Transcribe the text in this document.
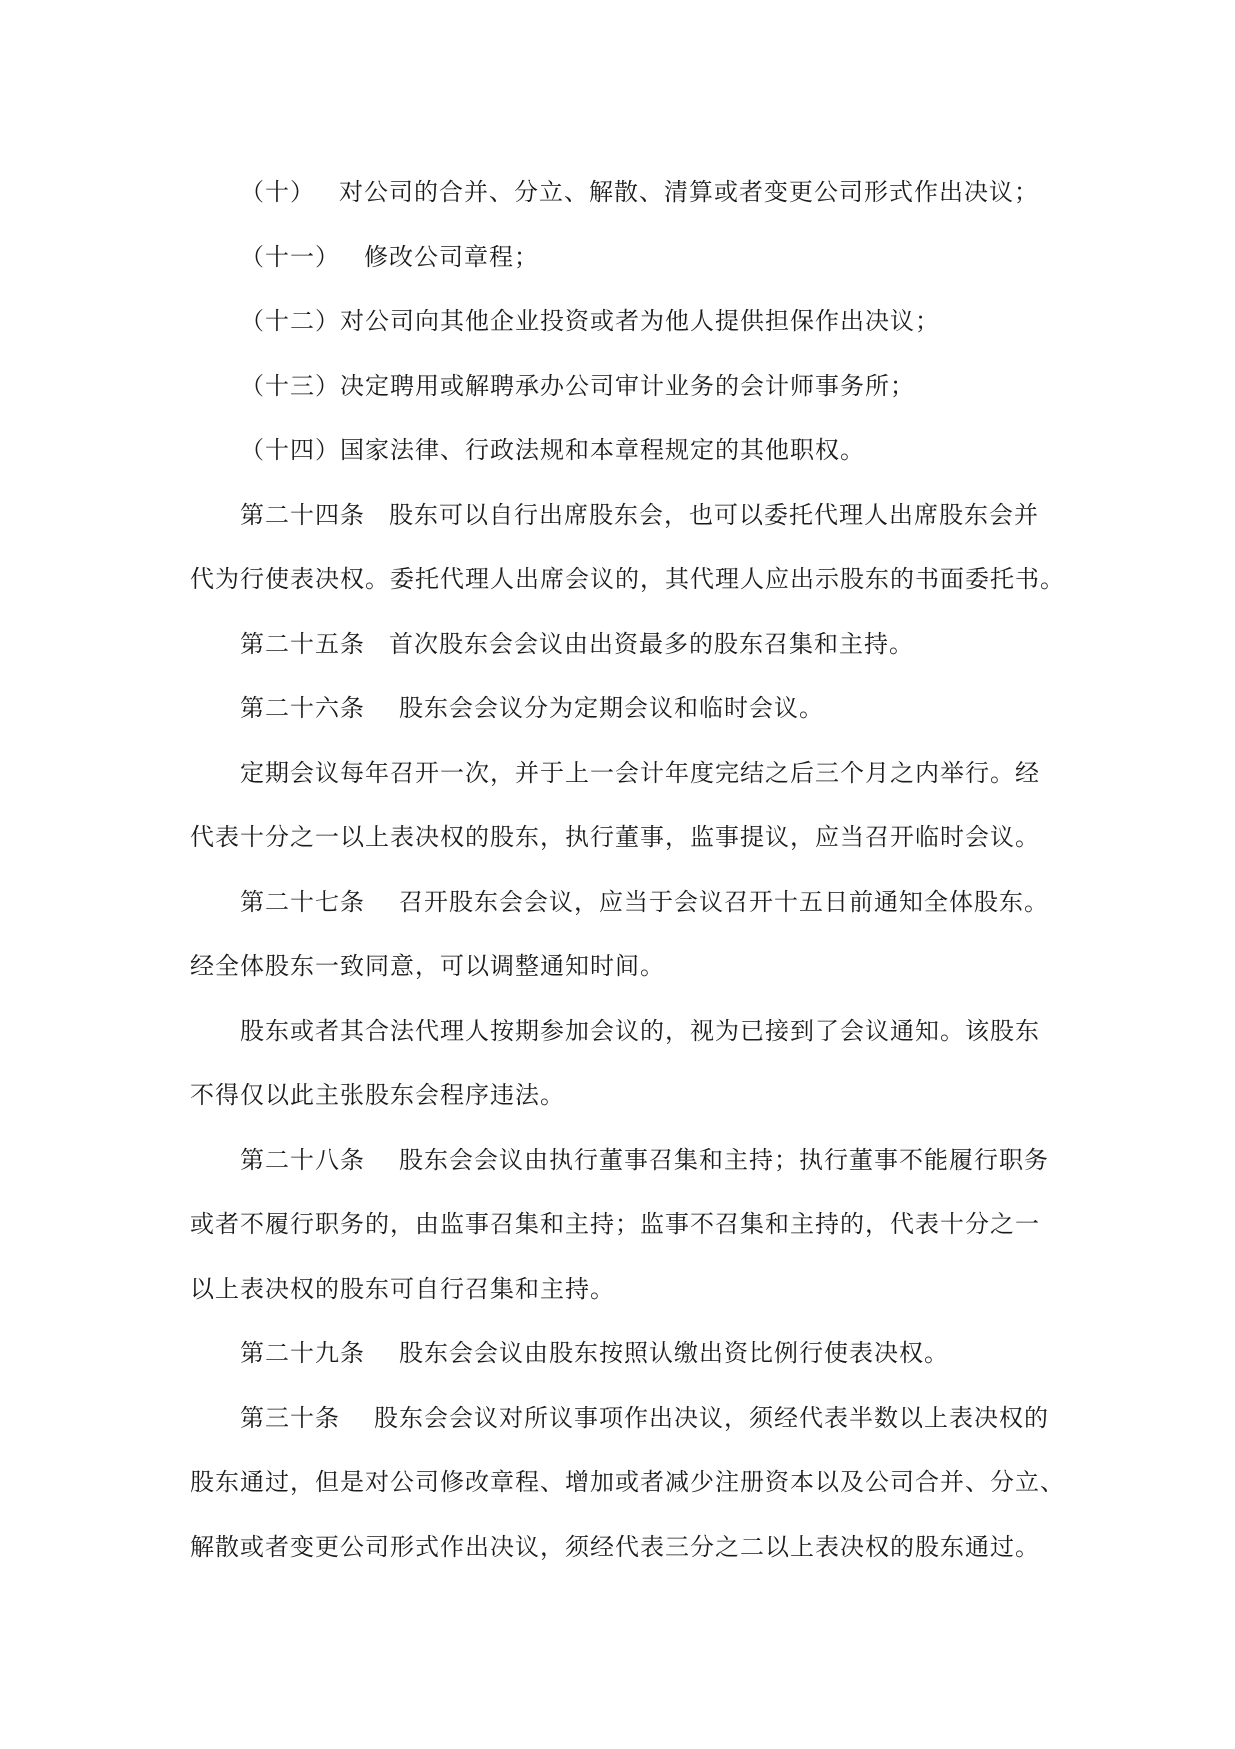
（十） 对公司的合并、分立、解散、清算或者变更公司形式作出决议；
（十一） 修改公司章程；
（十二）对公司向其他企业投资或者为他人提供担保作出决议；
（十三）决定聘用或解聘承办公司审计业务的会计师事务所；
（十四）国家法律、行政法规和本章程规定的其他职权。
第二十四条 股东可以自行出席股东会，也可以委托代理人出席股东会并
代为行使表决权。委托代理人出席会议的，其代理人应出示股东的书面委托书。
第二十五条 首次股东会会议由出资最多的股东召集和主持。
第二十六条 股东会会议分为定期会议和临时会议。
定期会议每年召开一次，并于上一会计年度完结之后三个月之内举行。经
代表十分之一以上表决权的股东，执行董事，监事提议，应当召开临时会议。
第二十七条 召开股东会会议，应当于会议召开十五日前通知全体股东。
经全体股东一致同意，可以调整通知时间。
股东或者其合法代理人按期参加会议的，视为已接到了会议通知。该股东
不得仅以此主张股东会程序违法。
第二十八条 股东会会议由执行董事召集和主持；执行董事不能履行职务
或者不履行职务的，由监事召集和主持；监事不召集和主持的，代表十分之一
以上表决权的股东可自行召集和主持。
第二十九条 股东会会议由股东按照认缴出资比例行使表决权。
第三十条 股东会会议对所议事项作出决议，须经代表半数以上表决权的
股东通过，但是对公司修改章程、增加或者减少注册资本以及公司合并、分立、
解散或者变更公司形式作出决议，须经代表三分之二以上表决权的股东通过。
